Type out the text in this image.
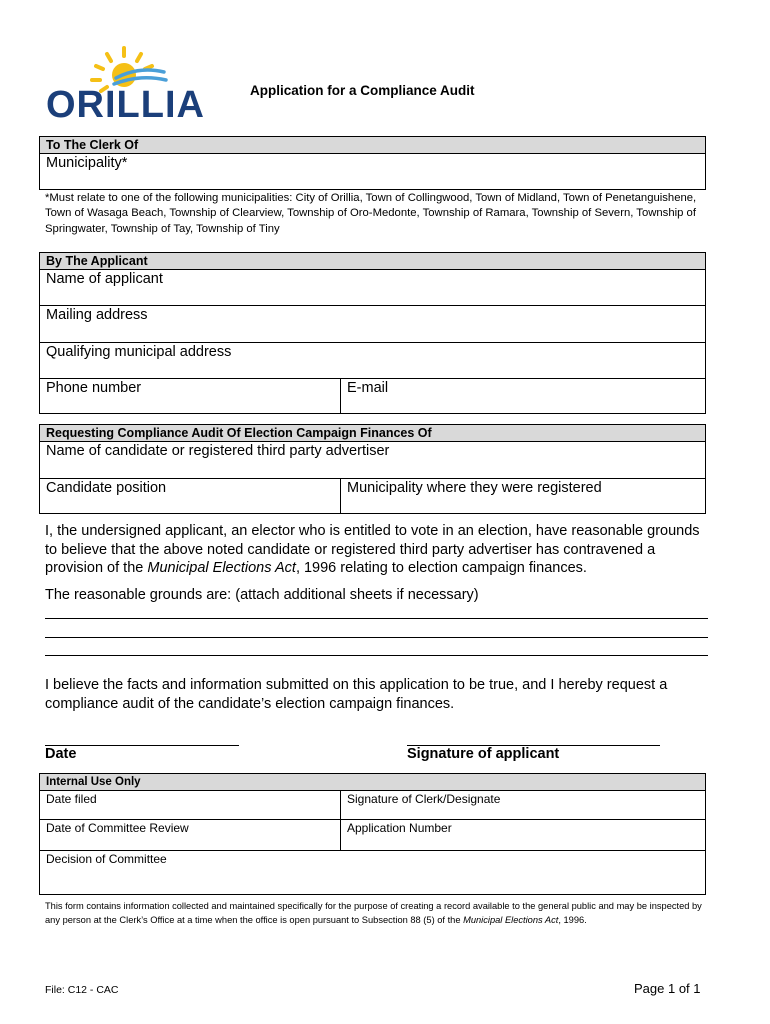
ORILLIA	Application for a Compliance Audit
To The Clerk Of
Municipality*
*Must relate to one of the following municipalities: City of Orillia, Town of Collingwood, Town of Midland, Town of Penetanguishene, Town of Wasaga Beach, Township of Clearview, Township of Oro-Medonte, Township of Ramara, Township of Severn, Township of Springwater, Township of Tay, Township of Tiny
By The Applicant
Name of applicant
Mailing address
Qualifying municipal address
Phone number	E-mail
Requesting Compliance Audit Of Election Campaign Finances Of
Name of candidate or registered third party advertiser
Candidate position	Municipality where they were registered
I, the undersigned applicant, an elector who is entitled to vote in an election, have reasonable grounds to believe that the above noted candidate or registered third party advertiser has contravened a provision of the Municipal Elections Act, 1996 relating to election campaign finances.
The reasonable grounds are: (attach additional sheets if necessary)
I believe the facts and information submitted on this application to be true, and I hereby request a compliance audit of the candidate’s election campaign finances.
Date	Signature of applicant
Internal Use Only
Date filed	Signature of Clerk/Designate
Date of Committee Review	Application Number
Decision of Committee
This form contains information collected and maintained specifically for the purpose of creating a record available to the general public and may be inspected by any person at the Clerk’s Office at a time when the office is open pursuant to Subsection 88 (5) of the Municipal Elections Act, 1996.
File: C12 - CAC	Page 1 of 1
